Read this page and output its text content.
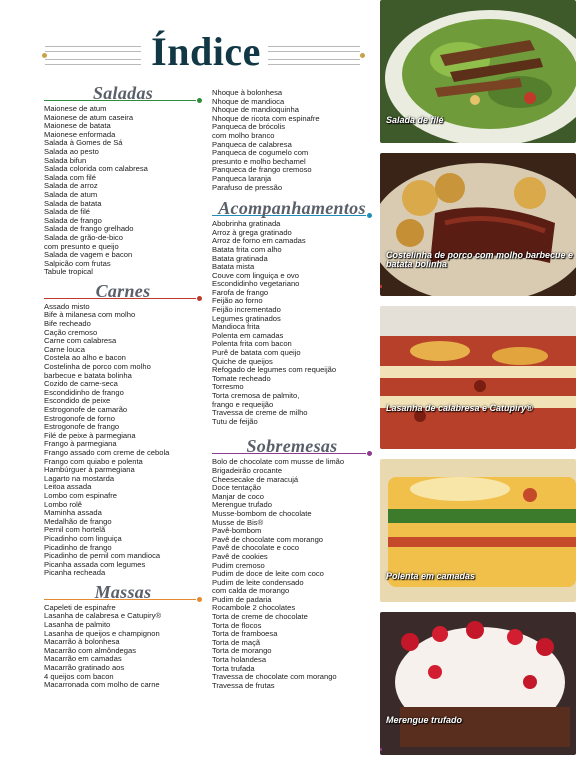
Índice
Saladas
Maionese de atum
Maionese de atum caseira
Maionese de batata
Maionese enformada
Salada à Gomes de Sá
Salada ao pesto
Salada bifun
Salada colorida com calabresa
Salada com filé
Salada de arroz
Salada de atum
Salada de batata
Salada de filé
Salada de frango
Salada de frango grelhado
Salada de grão-de-bico
com presunto e queijo
Salada de vagem e bacon
Salpicão com frutas
Tabule tropical
Carnes
Assado misto
Bife à milanesa com molho
Bife recheado
Cação cremoso
Carne com calabresa
Carne louca
Costela ao alho e bacon
Costelinha de porco com molho
barbecue e batata bolinha
Cozido de carne-seca
Escondidinho de frango
Escondido de peixe
Estrogonofe de camarão
Estrogonofe de forno
Estrogonofe de frango
Filé de peixe à parmegiana
Frango à parmegiana
Frango assado com creme de cebola
Frango com quiabo e polenta
Hambúrguer à parmegiana
Lagarto na mostarda
Leitoa assada
Lombo com espinafre
Lombo rolê
Maminha assada
Medalhão de frango
Pernil com hortelã
Picadinho com linguiça
Picadinho de frango
Picadinho de pernil com mandioca
Picanha assada com legumes
Picanha recheada
Massas
Capeleti de espinafre
Lasanha de calabresa e Catupiry®
Lasanha de palmito
Lasanha de queijos e champignon
Macarrão à bolonhesa
Macarrão com almôndegas
Macarrão em camadas
Macarrão gratinado aos
4 queijos com bacon
Macarronada com molho de carne
Nhoque à bolonhesa
Nhoque de mandioca
Nhoque de mandioquinha
Nhoque de ricota com espinafre
Panqueca de brócolis
com molho branco
Panqueca de calabresa
Panqueca de cogumelo com
presunto e molho bechamel
Panqueca de frango cremoso
Panqueca laranja
Parafuso de pressão
Acompanhamentos
Abobrinha gratinada
Arroz à grega gratinado
Arroz de forno em camadas
Batata frita com alho
Batata gratinada
Batata mista
Couve com linguiça e ovo
Escondidinho vegetariano
Farofa de frango
Feijão ao forno
Feijão incrementado
Legumes gratinados
Mandioca frita
Polenta em camadas
Polenta frita com bacon
Purê de batata com queijo
Quiche de queijos
Refogado de legumes com requeijão
Tomate recheado
Torresmo
Torta cremosa de palmito,
frango e requeijão
Travessa de creme de milho
Tutu de feijão
Sobremesas
Bolo de chocolate com musse de limão
Brigadeirão crocante
Cheesecake de maracujá
Doce tentação
Manjar de coco
Merengue trufado
Musse-bombom de chocolate
Musse de Bis®
Pavê-bombom
Pavê de chocolate com morango
Pavê de chocolate e coco
Pavê de cookies
Pudim cremoso
Pudim de doce de leite com coco
Pudim de leite condensado
com calda de morango
Pudim de padaria
Rocambole 2 chocolates
Torta de creme de chocolate
Torta de flocos
Torta de framboesa
Torta de maçã
Torta de morango
Torta holandesa
Torta trufada
Travessa de chocolate com morango
Travessa de frutas
Salada de filé
Costelinha de porco com molho barbecue e batata bolinha
Lasanha de calabresa e Catupiry®
Polenta em camadas
Merengue trufado
